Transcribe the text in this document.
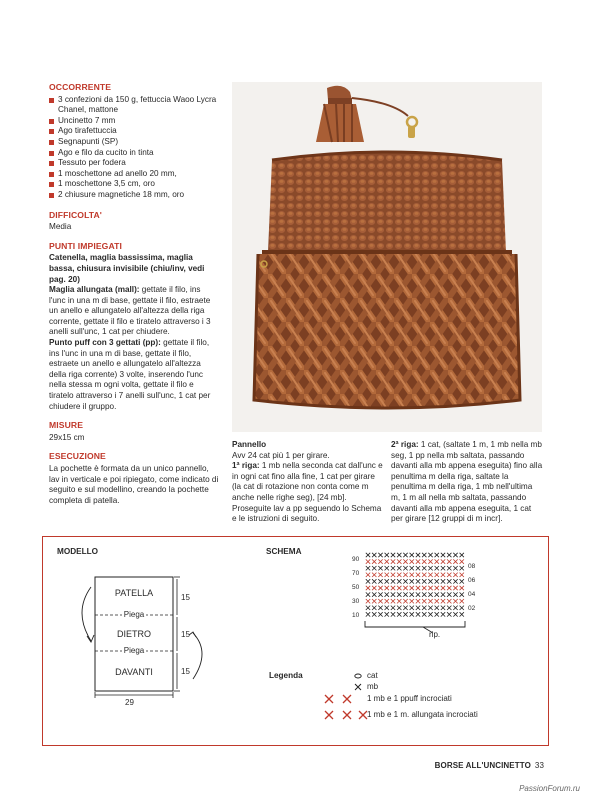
OCCORRENTE
3 confezioni da 150 g, fettuccia Waoo Lycra Chanel, mattone
Uncinetto 7 mm
Ago tirafettuccia
Segnapunti (SP)
Ago e filo da cucito in tinta
Tessuto per fodera
1 moschettone ad anello 20 mm,
1 moschettone 3,5 cm, oro
2 chiusure magnetiche 18 mm, oro
DIFFICOLTA'
Media
PUNTI IMPIEGATI
Catenella, maglia bassissima, maglia bassa, chiusura invisibile (chiu/inv, vedi pag. 20)
Maglia allungata (mall): gettate il filo, ins l'unc in una m di base, gettate il filo, estraete un anello e allungatelo all'altezza della riga corrente, gettate il filo e tiratelo attraverso i 3 anelli sull'unc, 1 cat per chiudere.
Punto puff con 3 gettati (pp): gettate il filo, ins l'unc in una m di base, gettate il filo, estraete un anello e allungatelo all'altezza della riga corrente) 3 volte, inserendo l'unc nella stessa m ogni volta, gettate il filo e tiratelo attraverso i 7 anelli sull'unc, 1 cat per chiudere il gruppo.
MISURE
29x15 cm
ESECUZIONE
La pochette è formata da un unico pannello, lav in verticale e poi ripiegato, come indicato di seguito e sul modellino, creando la pochette completa di patella.
Pannello
Avv 24 cat più 1 per girare.
1ª riga: 1 mb nella seconda cat dall'unc e in ogni cat fino alla fine, 1 cat per girare (la cat di rotazione non conta come m anche nelle righe seg), [24 mb].
Proseguite lav a pp seguendo lo Schema e le istruzioni di seguito.
2ª riga: 1 cat, (saltate 1 m, 1 mb nella mb seg, 1 pp nella mb saltata, passando davanti alla mb appena eseguita) fino alla penultima m della riga, saltate la penultima m della riga, 1 mb nell'ultima m, 1 m all nella mb saltata, passando davanti alla mb appena eseguita, 1 cat per girare [12 gruppi di m incr].
MODELLO	SCHEMA
PATELLA
Piega
DIETRO
Piega
DAVANTI
15
15
15
29
90
70
50
30
10
08
06
04
02
rip.
Legenda	cat
mb
1 mb e 1 ppuff incrociati
1 mb e 1 m. allungata incrociati
BORSE ALL'UNCINETTO 33
PassionForum.ru
